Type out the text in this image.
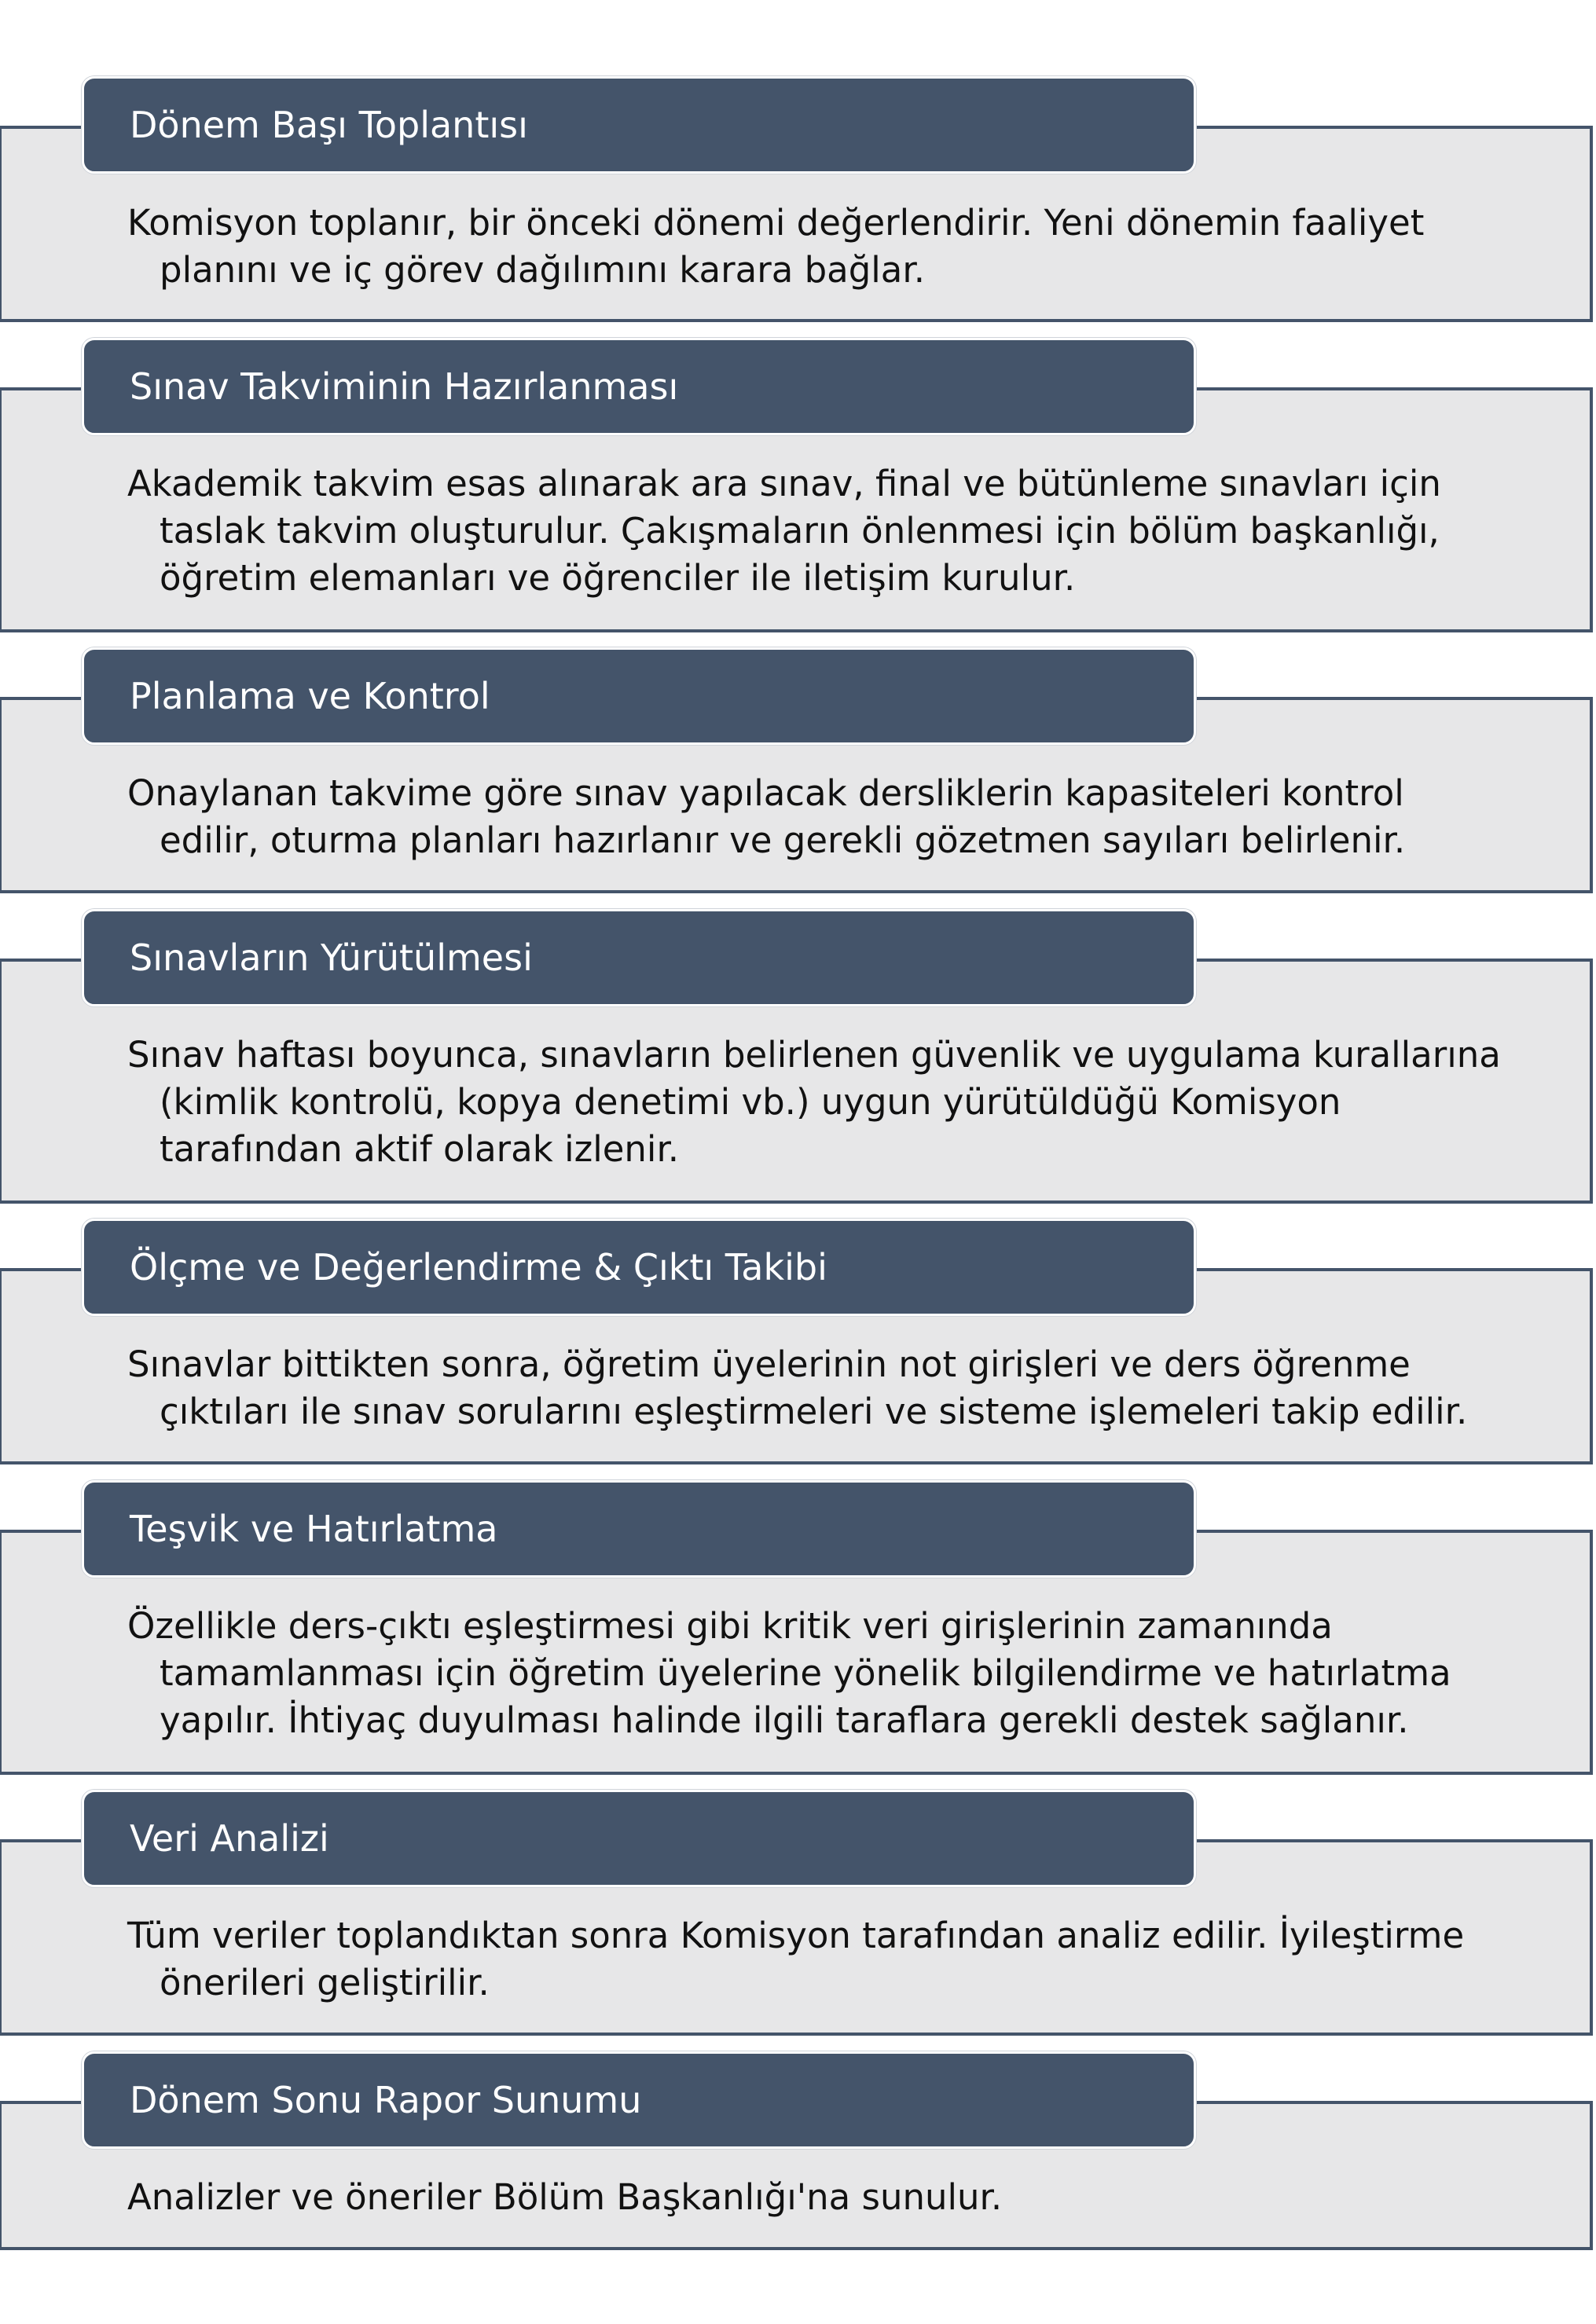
Komisyon toplanır, bir önceki dönemi değerlendirir. Yeni dönemin faaliyet
planını ve iç görev dağılımını karara bağlar.

Dönem Başı Toplantısı

Akademik takvim esas alınarak ara sınav, final ve bütünleme sınavları için
taslak takvim oluşturulur. Çakışmaların önlenmesi için bölüm başkanlığı,
öğretim elemanları ve öğrenciler ile iletişim kurulur.

Sınav Takviminin Hazırlanması

Onaylanan takvime göre sınav yapılacak dersliklerin kapasiteleri kontrol
edilir, oturma planları hazırlanır ve gerekli gözetmen sayıları belirlenir.

Planlama ve Kontrol

Sınav haftası boyunca, sınavların belirlenen güvenlik ve uygulama kurallarına
(kimlik kontrolü, kopya denetimi vb.) uygun yürütüldüğü Komisyon
tarafından aktif olarak izlenir.

Sınavların Yürütülmesi

Sınavlar bittikten sonra, öğretim üyelerinin not girişleri ve ders öğrenme
çıktıları ile sınav sorularını eşleştirmeleri ve sisteme işlemeleri takip edilir.

Ölçme ve Değerlendirme & Çıktı Takibi

Özellikle ders-çıktı eşleştirmesi gibi kritik veri girişlerinin zamanında
tamamlanması için öğretim üyelerine yönelik bilgilendirme ve hatırlatma
yapılır. İhtiyaç duyulması halinde ilgili taraflara gerekli destek sağlanır.

Teşvik ve Hatırlatma

Tüm veriler toplandıktan sonra Komisyon tarafından analiz edilir. İyileştirme
önerileri geliştirilir.

Veri Analizi

Analizler ve öneriler Bölüm Başkanlığı'na sunulur.

Dönem Sonu Rapor Sunumu
